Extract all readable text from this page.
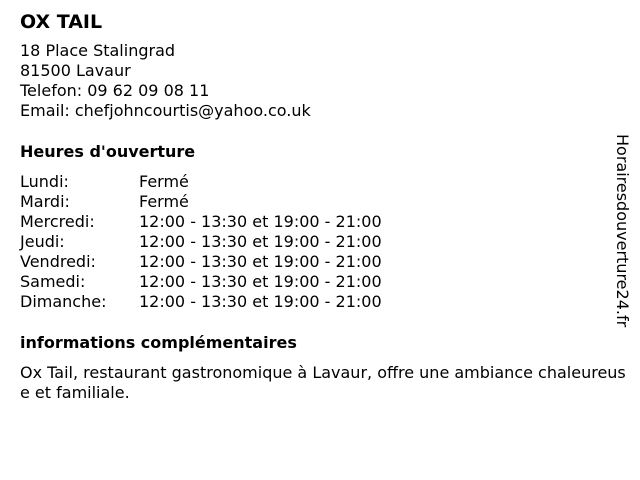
OX TAIL
18 Place Stalingrad
81500 Lavaur
Telefon: 09 62 09 08 11
Email: chefjohncourtis@yahoo.co.uk
Heures d'ouverture
Lundi:	Fermé
Mardi:	Fermé
Mercredi:	12:00 - 13:30 et 19:00 - 21:00
Jeudi:	12:00 - 13:30 et 19:00 - 21:00
Vendredi:	12:00 - 13:30 et 19:00 - 21:00
Samedi:	12:00 - 13:30 et 19:00 - 21:00
Dimanche:	12:00 - 13:30 et 19:00 - 21:00
informations complémentaires
Ox Tail, restaurant gastronomique à Lavaur, offre une ambiance chaleureuse et familiale.
Horairesdouverture24.fr
